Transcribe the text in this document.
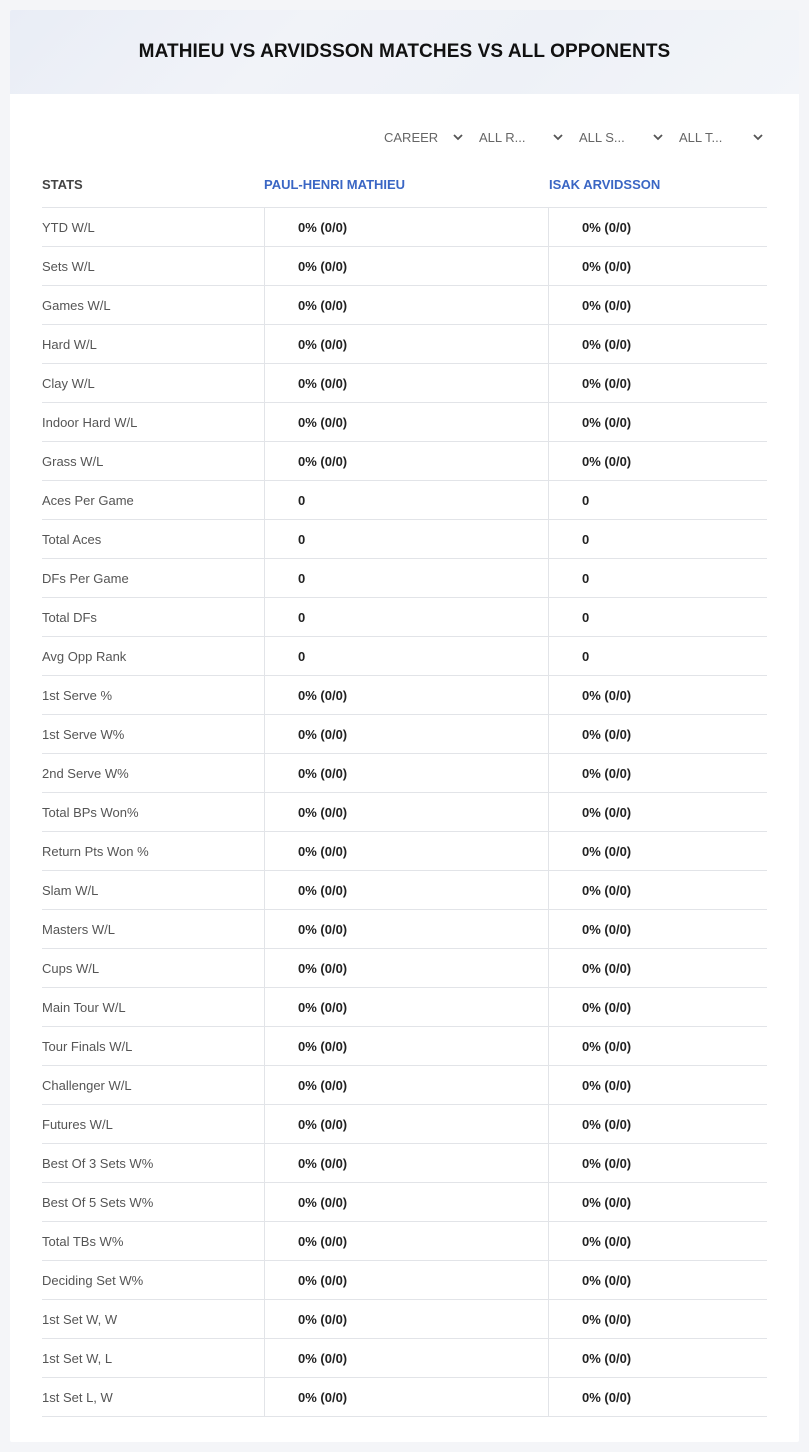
MATHIEU VS ARVIDSSON MATCHES VS ALL OPPONENTS
CAREER	ALL R...	ALL S...	ALL T...
STATS	PAUL-HENRI MATHIEU	ISAK ARVIDSSON
YTD W/L	0% (0/0)	0% (0/0)
Sets W/L	0% (0/0)	0% (0/0)
Games W/L	0% (0/0)	0% (0/0)
Hard W/L	0% (0/0)	0% (0/0)
Clay W/L	0% (0/0)	0% (0/0)
Indoor Hard W/L	0% (0/0)	0% (0/0)
Grass W/L	0% (0/0)	0% (0/0)
Aces Per Game	0	0
Total Aces	0	0
DFs Per Game	0	0
Total DFs	0	0
Avg Opp Rank	0	0
1st Serve %	0% (0/0)	0% (0/0)
1st Serve W%	0% (0/0)	0% (0/0)
2nd Serve W%	0% (0/0)	0% (0/0)
Total BPs Won%	0% (0/0)	0% (0/0)
Return Pts Won %	0% (0/0)	0% (0/0)
Slam W/L	0% (0/0)	0% (0/0)
Masters W/L	0% (0/0)	0% (0/0)
Cups W/L	0% (0/0)	0% (0/0)
Main Tour W/L	0% (0/0)	0% (0/0)
Tour Finals W/L	0% (0/0)	0% (0/0)
Challenger W/L	0% (0/0)	0% (0/0)
Futures W/L	0% (0/0)	0% (0/0)
Best Of 3 Sets W%	0% (0/0)	0% (0/0)
Best Of 5 Sets W%	0% (0/0)	0% (0/0)
Total TBs W%	0% (0/0)	0% (0/0)
Deciding Set W%	0% (0/0)	0% (0/0)
1st Set W, W	0% (0/0)	0% (0/0)
1st Set W, L	0% (0/0)	0% (0/0)
1st Set L, W	0% (0/0)	0% (0/0)
